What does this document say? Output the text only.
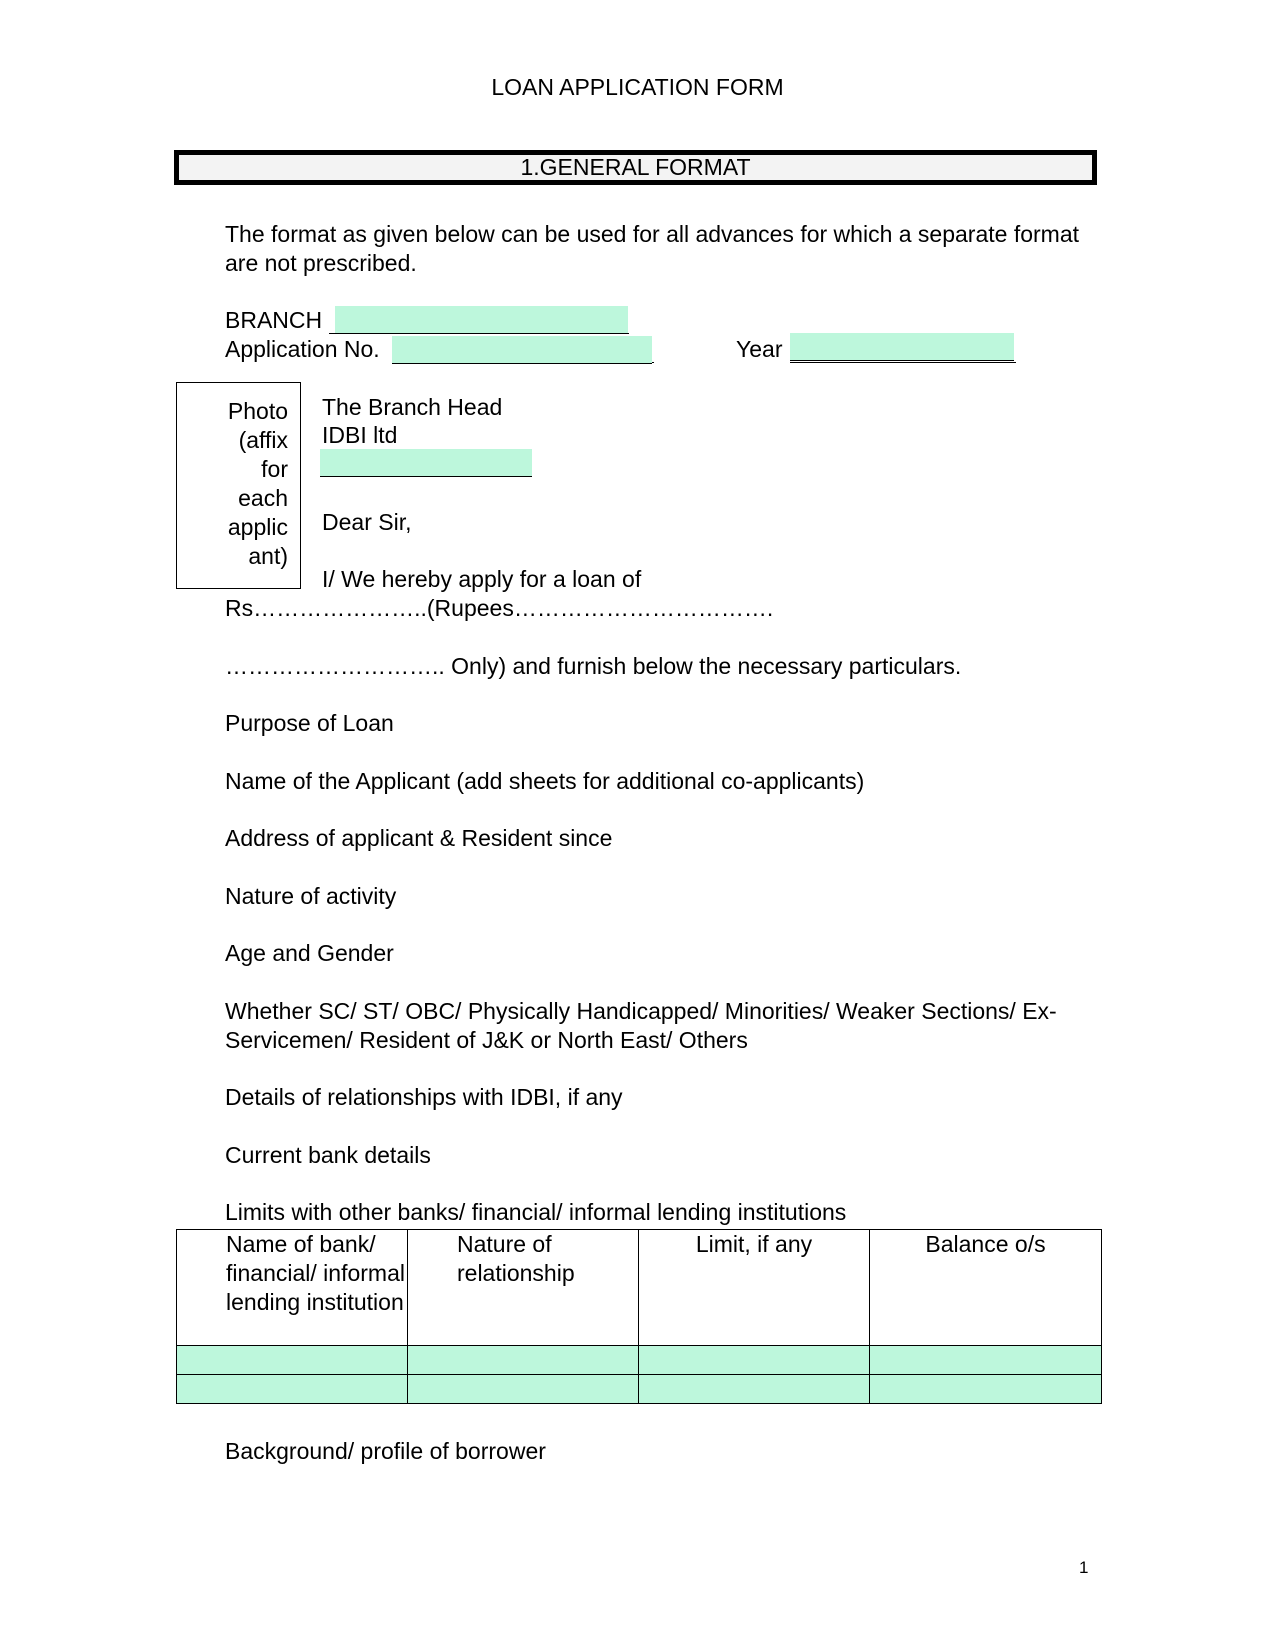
LOAN APPLICATION FORM
1.GENERAL FORMAT
The format as given below can be used for all advances for which a separate format
are not prescribed.
BRANCH
Application No.	Year
Photo
(affix
for
each
applic
ant)
The Branch Head
IDBI ltd
Dear Sir,
I/ We hereby apply for a loan of
Rs…………………..(Rupees…………………………….
……………………….. Only) and furnish below the necessary particulars.
Purpose of Loan
Name of the Applicant (add sheets for additional co-applicants)
Address of applicant & Resident since
Nature of activity
Age and Gender
Whether SC/ ST/ OBC/ Physically Handicapped/ Minorities/ Weaker Sections/ Ex-
Servicemen/ Resident of J&K or North East/ Others
Details of relationships with IDBI, if any
Current bank details
Limits with other banks/ financial/ informal lending institutions
Name of bank/ financial/ informal lending institution	Nature of relationship	Limit, if any	Balance o/s

Background/ profile of borrower
1
